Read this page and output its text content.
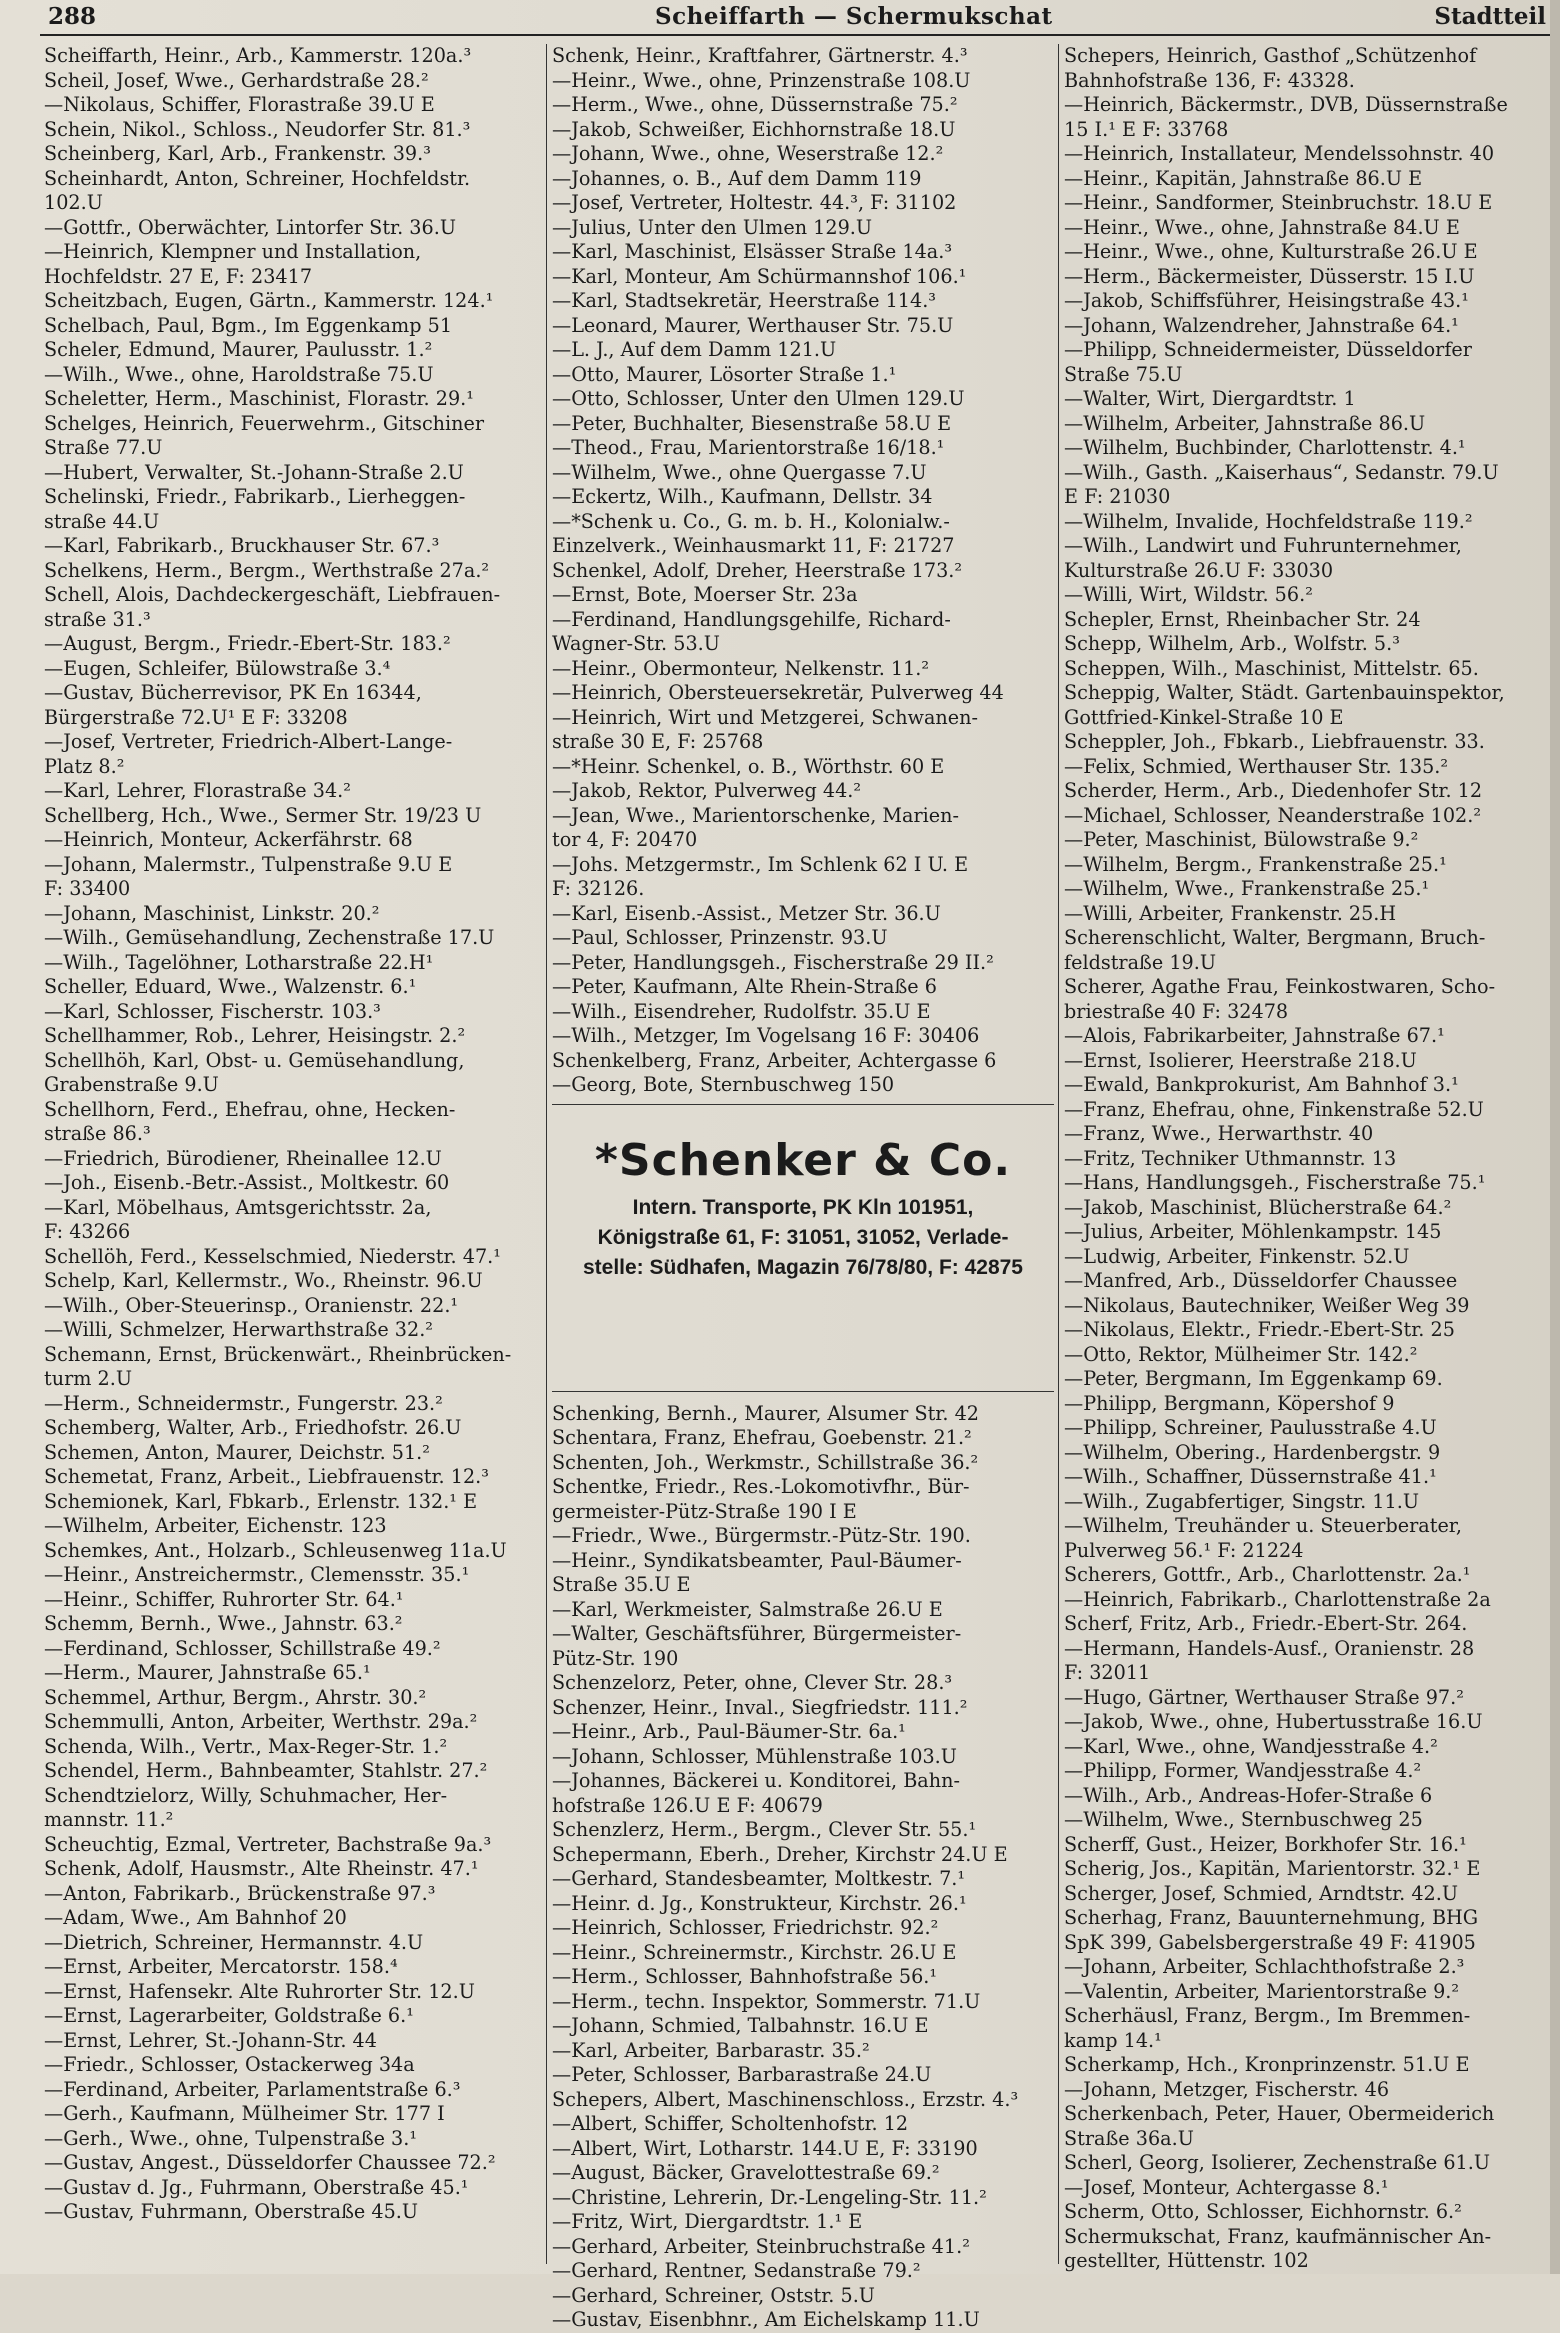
288	Scheiffarth — Schermukschat	Stadtteil
Scheiffarth, Heinr., Arb., Kammerstr. 120a.³
Scheil, Josef, Wwe., Gerhardstraße 28.²
—Nikolaus, Schiffer, Florastraße 39.U E
Schein, Nikol., Schloss., Neudorfer Str. 81.³
Scheinberg, Karl, Arb., Frankenstr. 39.³
Scheinhardt, Anton, Schreiner, Hochfeldstr.
102.U
—Gottfr., Oberwächter, Lintorfer Str. 36.U
—Heinrich, Klempner und Installation,
Hochfeldstr. 27 E, F: 23417
Scheitzbach, Eugen, Gärtn., Kammerstr. 124.¹
Schelbach, Paul, Bgm., Im Eggenkamp 51
Scheler, Edmund, Maurer, Paulusstr. 1.²
—Wilh., Wwe., ohne, Haroldstraße 75.U
Scheletter, Herm., Maschinist, Florastr. 29.¹
Schelges, Heinrich, Feuerwehrm., Gitschiner
Straße 77.U
—Hubert, Verwalter, St.-Johann-Straße 2.U
Schelinski, Friedr., Fabrikarb., Lierheggen-
straße 44.U
—Karl, Fabrikarb., Bruckhauser Str. 67.³
Schelkens, Herm., Bergm., Werthstraße 27a.²
Schell, Alois, Dachdeckergeschäft, Liebfrauen-
straße 31.³
—August, Bergm., Friedr.-Ebert-Str. 183.²
—Eugen, Schleifer, Bülowstraße 3.⁴
—Gustav, Bücherrevisor, PK En 16344,
Bürgerstraße 72.U¹ E F: 33208
—Josef, Vertreter, Friedrich-Albert-Lange-
Platz 8.²
—Karl, Lehrer, Florastraße 34.²
Schellberg, Hch., Wwe., Sermer Str. 19/23 U
—Heinrich, Monteur, Ackerfährstr. 68
—Johann, Malermstr., Tulpenstraße 9.U E
F: 33400
—Johann, Maschinist, Linkstr. 20.²
—Wilh., Gemüsehandlung, Zechenstraße 17.U
—Wilh., Tagelöhner, Lotharstraße 22.H¹
Scheller, Eduard, Wwe., Walzenstr. 6.¹
—Karl, Schlosser, Fischerstr. 103.³
Schellhammer, Rob., Lehrer, Heisingstr. 2.²
Schellhöh, Karl, Obst- u. Gemüsehandlung,
Grabenstraße 9.U
Schellhorn, Ferd., Ehefrau, ohne, Hecken-
straße 86.³
—Friedrich, Bürodiener, Rheinallee 12.U
—Joh., Eisenb.-Betr.-Assist., Moltkestr. 60
—Karl, Möbelhaus, Amtsgerichtsstr. 2a,
F: 43266
Schellöh, Ferd., Kesselschmied, Niederstr. 47.¹
Schelp, Karl, Kellermstr., Wo., Rheinstr. 96.U
—Wilh., Ober-Steuerinsp., Oranienstr. 22.¹
—Willi, Schmelzer, Herwarthstraße 32.²
Schemann, Ernst, Brückenwärt., Rheinbrücken-
turm 2.U
—Herm., Schneidermstr., Fungerstr. 23.²
Schemberg, Walter, Arb., Friedhofstr. 26.U
Schemen, Anton, Maurer, Deichstr. 51.²
Schemetat, Franz, Arbeit., Liebfrauenstr. 12.³
Schemionek, Karl, Fbkarb., Erlenstr. 132.¹ E
—Wilhelm, Arbeiter, Eichenstr. 123
Schemkes, Ant., Holzarb., Schleusenweg 11a.U
—Heinr., Anstreichermstr., Clemensstr. 35.¹
—Heinr., Schiffer, Ruhrorter Str. 64.¹
Schemm, Bernh., Wwe., Jahnstr. 63.²
—Ferdinand, Schlosser, Schillstraße 49.²
—Herm., Maurer, Jahnstraße 65.¹
Schemmel, Arthur, Bergm., Ahrstr. 30.²
Schemmulli, Anton, Arbeiter, Werthstr. 29a.²
Schenda, Wilh., Vertr., Max-Reger-Str. 1.²
Schendel, Herm., Bahnbeamter, Stahlstr. 27.²
Schendtzielorz, Willy, Schuhmacher, Her-
mannstr. 11.²
Scheuchtig, Ezmal, Vertreter, Bachstraße 9a.³
Schenk, Adolf, Hausmstr., Alte Rheinstr. 47.¹
—Anton, Fabrikarb., Brückenstraße 97.³
—Adam, Wwe., Am Bahnhof 20
—Dietrich, Schreiner, Hermannstr. 4.U
—Ernst, Arbeiter, Mercatorstr. 158.⁴
—Ernst, Hafensekr. Alte Ruhrorter Str. 12.U
—Ernst, Lagerarbeiter, Goldstraße 6.¹
—Ernst, Lehrer, St.-Johann-Str. 44
—Friedr., Schlosser, Ostackerweg 34a
—Ferdinand, Arbeiter, Parlamentstraße 6.³
—Gerh., Kaufmann, Mülheimer Str. 177 I
—Gerh., Wwe., ohne, Tulpenstraße 3.¹
—Gustav, Angest., Düsseldorfer Chaussee 72.²
—Gustav d. Jg., Fuhrmann, Oberstraße 45.¹
—Gustav, Fuhrmann, Oberstraße 45.U
Schenk, Heinr., Kraftfahrer, Gärtnerstr. 4.³
—Heinr., Wwe., ohne, Prinzenstraße 108.U
—Herm., Wwe., ohne, Düssernstraße 75.²
—Jakob, Schweißer, Eichhornstraße 18.U
—Johann, Wwe., ohne, Weserstraße 12.²
—Johannes, o. B., Auf dem Damm 119
—Josef, Vertreter, Holtestr. 44.³, F: 31102
—Julius, Unter den Ulmen 129.U
—Karl, Maschinist, Elsässer Straße 14a.³
—Karl, Monteur, Am Schürmannshof 106.¹
—Karl, Stadtsekretär, Heerstraße 114.³
—Leonard, Maurer, Werthauser Str. 75.U
—L. J., Auf dem Damm 121.U
—Otto, Maurer, Lösorter Straße 1.¹
—Otto, Schlosser, Unter den Ulmen 129.U
—Peter, Buchhalter, Biesenstraße 58.U E
—Theod., Frau, Marientorstraße 16/18.¹
—Wilhelm, Wwe., ohne Quergasse 7.U
—Eckertz, Wilh., Kaufmann, Dellstr. 34
—*Schenk u. Co., G. m. b. H., Kolonialw.-
Einzelverk., Weinhausmarkt 11, F: 21727
Schenkel, Adolf, Dreher, Heerstraße 173.²
—Ernst, Bote, Moerser Str. 23a
—Ferdinand, Handlungsgehilfe, Richard-
Wagner-Str. 53.U
—Heinr., Obermonteur, Nelkenstr. 11.²
—Heinrich, Obersteuersekretär, Pulverweg 44
—Heinrich, Wirt und Metzgerei, Schwanen-
straße 30 E, F: 25768
—*Heinr. Schenkel, o. B., Wörthstr. 60 E
—Jakob, Rektor, Pulverweg 44.²
—Jean, Wwe., Marientorschenke, Marien-
tor 4, F: 20470
—Johs. Metzgermstr., Im Schlenk 62 I U. E
F: 32126.
—Karl, Eisenb.-Assist., Metzer Str. 36.U
—Paul, Schlosser, Prinzenstr. 93.U
—Peter, Handlungsgeh., Fischerstraße 29 II.²
—Peter, Kaufmann, Alte Rhein-Straße 6
—Wilh., Eisendreher, Rudolfstr. 35.U E
—Wilh., Metzger, Im Vogelsang 16 F: 30406
Schenkelberg, Franz, Arbeiter, Achtergasse 6
—Georg, Bote, Sternbuschweg 150
*Schenker & Co.
Intern. Transporte, PK Kln 101951,
Königstraße 61, F: 31051, 31052, Verlade-
stelle: Südhafen, Magazin 76/78/80, F: 42875
Schenking, Bernh., Maurer, Alsumer Str. 42
Schentara, Franz, Ehefrau, Goebenstr. 21.²
Schenten, Joh., Werkmstr., Schillstraße 36.²
Schentke, Friedr., Res.-Lokomotivfhr., Bür-
germeister-Pütz-Straße 190 I E
—Friedr., Wwe., Bürgermstr.-Pütz-Str. 190.
—Heinr., Syndikatsbeamter, Paul-Bäumer-
Straße 35.U E
—Karl, Werkmeister, Salmstraße 26.U E
—Walter, Geschäftsführer, Bürgermeister-
Pütz-Str. 190
Schenzelorz, Peter, ohne, Clever Str. 28.³
Schenzer, Heinr., Inval., Siegfriedstr. 111.²
—Heinr., Arb., Paul-Bäumer-Str. 6a.¹
—Johann, Schlosser, Mühlenstraße 103.U
—Johannes, Bäckerei u. Konditorei, Bahn-
hofstraße 126.U E F: 40679
Schenzlerz, Herm., Bergm., Clever Str. 55.¹
Schepermann, Eberh., Dreher, Kirchstr 24.U E
—Gerhard, Standesbeamter, Moltkestr. 7.¹
—Heinr. d. Jg., Konstrukteur, Kirchstr. 26.¹
—Heinrich, Schlosser, Friedrichstr. 92.²
—Heinr., Schreinermstr., Kirchstr. 26.U E
—Herm., Schlosser, Bahnhofstraße 56.¹
—Herm., techn. Inspektor, Sommerstr. 71.U
—Johann, Schmied, Talbahnstr. 16.U E
—Karl, Arbeiter, Barbarastr. 35.²
—Peter, Schlosser, Barbarastraße 24.U
Schepers, Albert, Maschinenschloss., Erzstr. 4.³
—Albert, Schiffer, Scholtenhofstr. 12
—Albert, Wirt, Lotharstr. 144.U E, F: 33190
—August, Bäcker, Gravelottestraße 69.²
—Christine, Lehrerin, Dr.-Lengeling-Str. 11.²
—Fritz, Wirt, Diergardtstr. 1.¹ E
—Gerhard, Arbeiter, Steinbruchstraße 41.²
—Gerhard, Rentner, Sedanstraße 79.²
—Gerhard, Schreiner, Oststr. 5.U
—Gustav, Eisenbhnr., Am Eichelskamp 11.U
Schepers, Heinrich, Gasthof „Schützenhof
Bahnhofstraße 136, F: 43328.
—Heinrich, Bäckermstr., DVB, Düssernstraße
15 I.¹ E F: 33768
—Heinrich, Installateur, Mendelssohnstr. 40
—Heinr., Kapitän, Jahnstraße 86.U E
—Heinr., Sandformer, Steinbruchstr. 18.U E
—Heinr., Wwe., ohne, Jahnstraße 84.U E
—Heinr., Wwe., ohne, Kulturstraße 26.U E
—Herm., Bäckermeister, Düsserstr. 15 I.U
—Jakob, Schiffsführer, Heisingstraße 43.¹
—Johann, Walzendreher, Jahnstraße 64.¹
—Philipp, Schneidermeister, Düsseldorfer
Straße 75.U
—Walter, Wirt, Diergardtstr. 1
—Wilhelm, Arbeiter, Jahnstraße 86.U
—Wilhelm, Buchbinder, Charlottenstr. 4.¹
—Wilh., Gasth. „Kaiserhaus“, Sedanstr. 79.U
E F: 21030
—Wilhelm, Invalide, Hochfeldstraße 119.²
—Wilh., Landwirt und Fuhrunternehmer,
Kulturstraße 26.U F: 33030
—Willi, Wirt, Wildstr. 56.²
Schepler, Ernst, Rheinbacher Str. 24
Schepp, Wilhelm, Arb., Wolfstr. 5.³
Scheppen, Wilh., Maschinist, Mittelstr. 65.
Scheppig, Walter, Städt. Gartenbauinspektor,
Gottfried-Kinkel-Straße 10 E
Scheppler, Joh., Fbkarb., Liebfrauenstr. 33.
—Felix, Schmied, Werthauser Str. 135.²
Scherder, Herm., Arb., Diedenhofer Str. 12
—Michael, Schlosser, Neanderstraße 102.²
—Peter, Maschinist, Bülowstraße 9.²
—Wilhelm, Bergm., Frankenstraße 25.¹
—Wilhelm, Wwe., Frankenstraße 25.¹
—Willi, Arbeiter, Frankenstr. 25.H
Scherenschlicht, Walter, Bergmann, Bruch-
feldstraße 19.U
Scherer, Agathe Frau, Feinkostwaren, Scho-
briestraße 40 F: 32478
—Alois, Fabrikarbeiter, Jahnstraße 67.¹
—Ernst, Isolierer, Heerstraße 218.U
—Ewald, Bankprokurist, Am Bahnhof 3.¹
—Franz, Ehefrau, ohne, Finkenstraße 52.U
—Franz, Wwe., Herwarthstr. 40
—Fritz, Techniker Uthmannstr. 13
—Hans, Handlungsgeh., Fischerstraße 75.¹
—Jakob, Maschinist, Blücherstraße 64.²
—Julius, Arbeiter, Möhlenkampstr. 145
—Ludwig, Arbeiter, Finkenstr. 52.U
—Manfred, Arb., Düsseldorfer Chaussee
—Nikolaus, Bautechniker, Weißer Weg 39
—Nikolaus, Elektr., Friedr.-Ebert-Str. 25
—Otto, Rektor, Mülheimer Str. 142.²
—Peter, Bergmann, Im Eggenkamp 69.
—Philipp, Bergmann, Köpershof 9
—Philipp, Schreiner, Paulusstraße 4.U
—Wilhelm, Obering., Hardenbergstr. 9
—Wilh., Schaffner, Düssernstraße 41.¹
—Wilh., Zugabfertiger, Singstr. 11.U
—Wilhelm, Treuhänder u. Steuerberater,
Pulverweg 56.¹ F: 21224
Scherers, Gottfr., Arb., Charlottenstr. 2a.¹
—Heinrich, Fabrikarb., Charlottenstraße 2a
Scherf, Fritz, Arb., Friedr.-Ebert-Str. 264.
—Hermann, Handels-Ausf., Oranienstr. 28
F: 32011
—Hugo, Gärtner, Werthauser Straße 97.²
—Jakob, Wwe., ohne, Hubertusstraße 16.U
—Karl, Wwe., ohne, Wandjesstraße 4.²
—Philipp, Former, Wandjesstraße 4.²
—Wilh., Arb., Andreas-Hofer-Straße 6
—Wilhelm, Wwe., Sternbuschweg 25
Scherff, Gust., Heizer, Borkhofer Str. 16.¹
Scherig, Jos., Kapitän, Marientorstr. 32.¹ E
Scherger, Josef, Schmied, Arndtstr. 42.U
Scherhag, Franz, Bauunternehmung, BHG
SpK 399, Gabelsbergerstraße 49 F: 41905
—Johann, Arbeiter, Schlachthofstraße 2.³
—Valentin, Arbeiter, Marientorstraße 9.²
Scherhäusl, Franz, Bergm., Im Bremmen-
kamp 14.¹
Scherkamp, Hch., Kronprinzenstr. 51.U E
—Johann, Metzger, Fischerstr. 46
Scherkenbach, Peter, Hauer, Obermeiderich
Straße 36a.U
Scherl, Georg, Isolierer, Zechenstraße 61.U
—Josef, Monteur, Achtergasse 8.¹
Scherm, Otto, Schlosser, Eichhornstr. 6.²
Schermukschat, Franz, kaufmännischer An-
gestellter, Hüttenstr. 102
